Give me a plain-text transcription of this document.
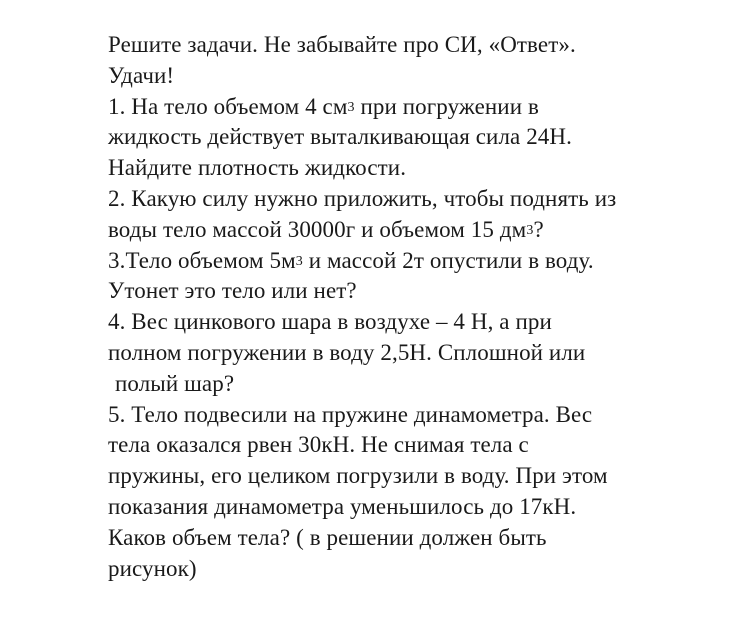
Решите задачи. Не забывайте про СИ, «Ответ».
Удачи!
1. На тело объемом 4 $см^3$ при погружении в
жидкость действует выталкивающая сила 24Н.
Найдите плотность жидкости.
2. Какую силу нужно приложить, чтобы поднять из
воды тело массой 30000г и объемом 15 $дм^3$?
3.Тело объемом $5м^3$ и массой 2т опустили в воду.
Утонет это тело или нет?
4. Вес цинкового шара в воздухе – 4 Н, а при
полном погружении в воду 2,5Н. Сплошной или
полый шар?
5. Тело подвесили на пружине динамометра. Вес
тела оказался рвен 30кН. Не снимая тела с
пружины, его целиком погрузили в воду. При этом
показания динамометра уменьшилось до 17кН.
Каков объем тела? ( в решении должен быть
рисунок)
